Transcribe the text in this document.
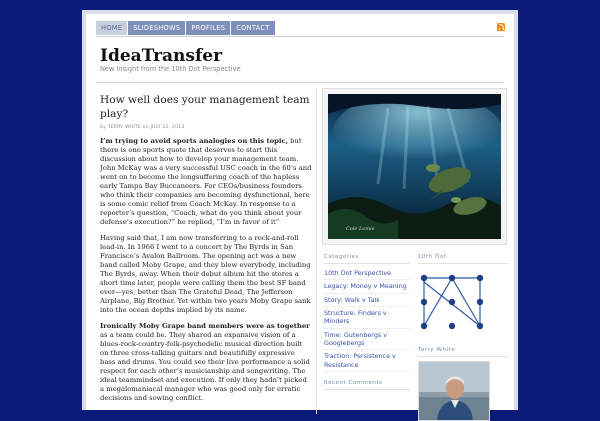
HOME	SLIDESHOWS	PROFILES	CONTACT
IdeaTransfer
New Insight from the 10th Dot Perspective
How well does your management team play?
by TERRY WHITE on JULY 22, 2013

I’m trying to avoid sports analogies on this topic, but there is one sports quote that deserves to start this discussion about how to develop your management team. John McKay was a very successful USC coach in the 60’s and went on to become the longsuffering coach of the hapless early Tampa Bay Buccaneers. For CEOs/business founders who think their companies are becoming dysfunctional, here is some comic relief from Coach McKay. In response to a reporter’s question, “Coach, what do you think about your defense’s execution?” he replied, “I’m in favor of it”

Having said that, I am now transferring to a rock-and-roll lead-in. In 1966 I went to a concert by The Byrds in San Francisco’s Avalon Ballroom. The opening act was a new band called Moby Grape, and they blew everybody, including The Byrds, away. When their debut album hit the stores a short time later, people were calling them the best SF band ever—yes, better than The Grateful Dead, The Jefferson Airplane, Big Brother. Yet within two years Moby Grape sank into the ocean depths implied by its name.

Ironically Moby Grape band members were as together as a team could be. They shared an expansive vision of a blues-rock-country-folk-psychedelic musical direction built on three cross-talking guitars and beautifully expressive bass and drums. You could see their live performance a solid respect for each other’s musicianship and songwriting. The ideal teammindset and execution. If only they hadn’t picked a megalomaniacal manager who was good only for erratic decisions and sowing conflict.

Cole Lemie
Categories
10th Dot Perspective
Legacy: Money v Meaning
Story: Walk v Talk
Structure: Finders v Minders
Time: Gutenbergs v Googlebergs
Traction: Persistence v Resistance
Recent Comments
10th Dot
Terry White
